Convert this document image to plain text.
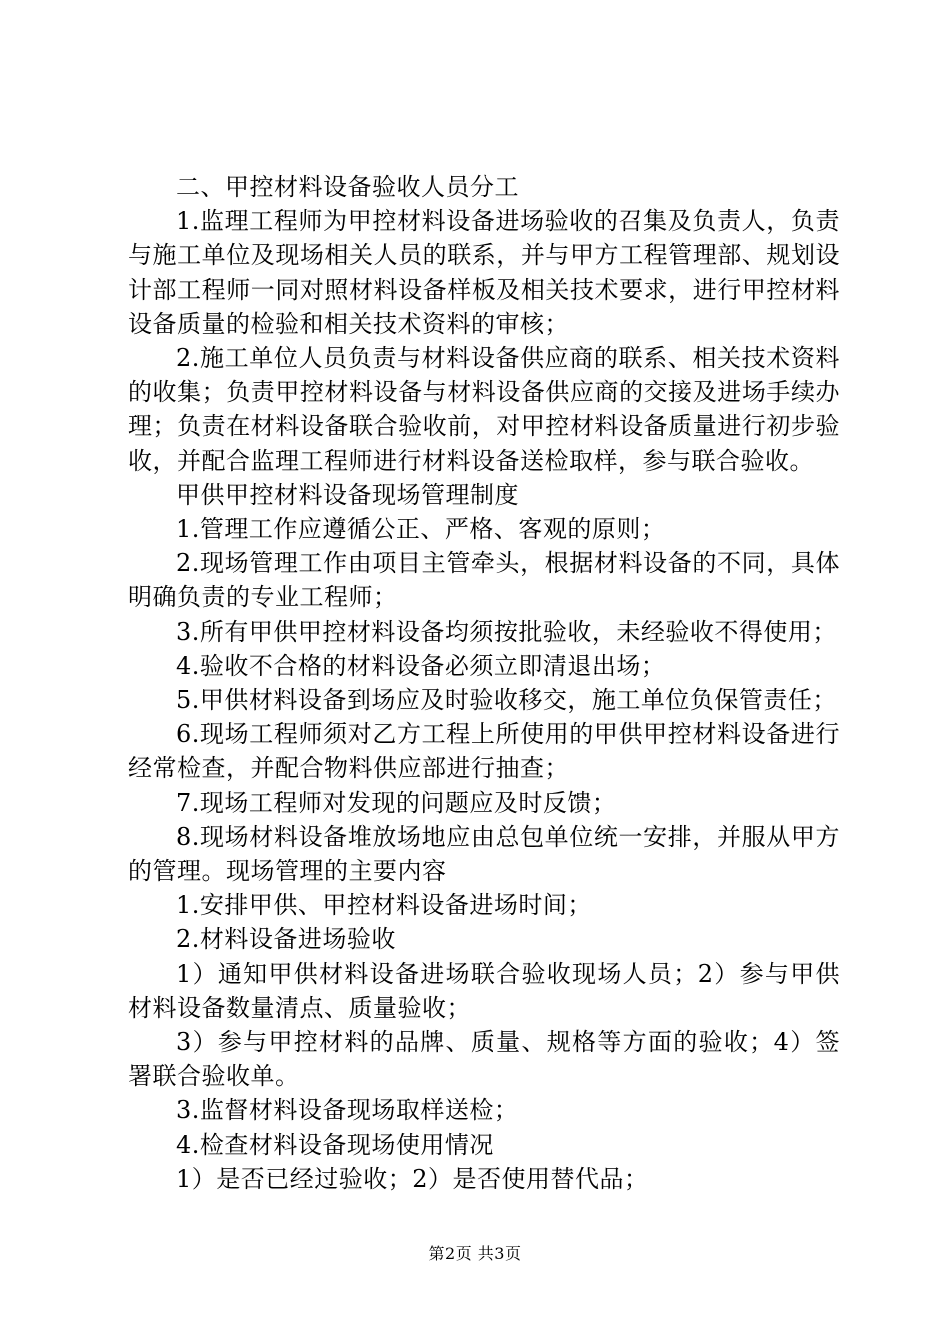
二、甲控材料设备验收人员分工

1.监理工程师为甲控材料设备进场验收的召集及负责人，负责与施工单位及现场相关人员的联系，并与甲方工程管理部、规划设计部工程师一同对照材料设备样板及相关技术要求，进行甲控材料设备质量的检验和相关技术资料的审核；

2.施工单位人员负责与材料设备供应商的联系、相关技术资料的收集；负责甲控材料设备与材料设备供应商的交接及进场手续办理；负责在材料设备联合验收前，对甲控材料设备质量进行初步验收，并配合监理工程师进行材料设备送检取样，参与联合验收。

甲供甲控材料设备现场管理制度

1.管理工作应遵循公正、严格、客观的原则；

2.现场管理工作由项目主管牵头，根据材料设备的不同，具体明确负责的专业工程师；

3.所有甲供甲控材料设备均须按批验收，未经验收不得使用；

4.验收不合格的材料设备必须立即清退出场；

5.甲供材料设备到场应及时验收移交，施工单位负保管责任；

6.现场工程师须对乙方工程上所使用的甲供甲控材料设备进行经常检查，并配合物料供应部进行抽查；

7.现场工程师对发现的问题应及时反馈；

8.现场材料设备堆放场地应由总包单位统一安排，并服从甲方的管理。现场管理的主要内容

1.安排甲供、甲控材料设备进场时间；

2.材料设备进场验收

1）通知甲供材料设备进场联合验收现场人员；2）参与甲供材料设备数量清点、质量验收；

3）参与甲控材料的品牌、质量、规格等方面的验收；4）签署联合验收单。

3.监督材料设备现场取样送检；

4.检查材料设备现场使用情况

1）是否已经过验收；2）是否使用替代品；

第2页 共3页
